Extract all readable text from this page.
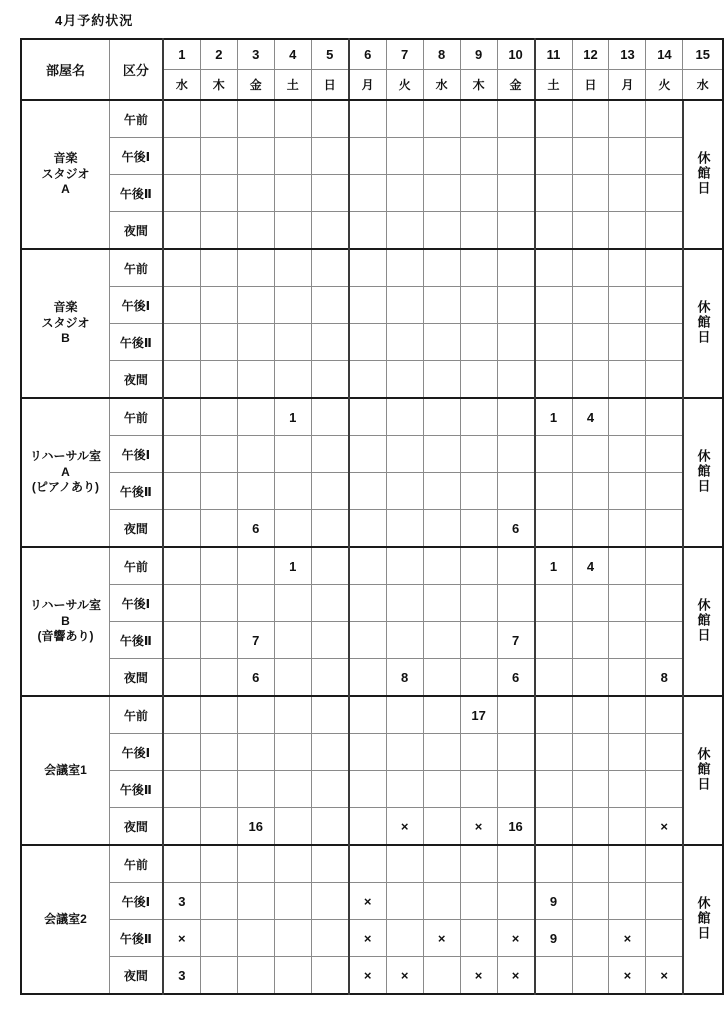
4月予約状況
部屋名	区分	1	2	3	4	5	6	7	8	9	10	11	12	13	14	15
		水	木	金	土	日	月	火	水	木	金	土	日	月	火	水

音楽
スタジオ
A	午前															休館日
	午後Ⅰ															
	午後Ⅱ															
	夜間															

音楽
スタジオ
B	午前															休館日
	午後Ⅰ															
	午後Ⅱ															
	夜間															

リハーサル室
A
(ピアノあり)	午前				1							1	4			休館日
	午後Ⅰ															
	午後Ⅱ															
	夜間			6							6					

リハーサル室
B
(音響あり)	午前				1							1	4			休館日
	午後Ⅰ															
	午後Ⅱ			7							7					
	夜間			6				8			6				8	

会議室1	午前									17						休館日
	午後Ⅰ															
	午後Ⅱ															
	夜間			16				×		×	16				×	

会議室2	午前															休館日
	午後Ⅰ	3					×					9				
	午後Ⅱ	×					×		×		×	9		×		
	夜間	3					×	×		×	×			×	×	
